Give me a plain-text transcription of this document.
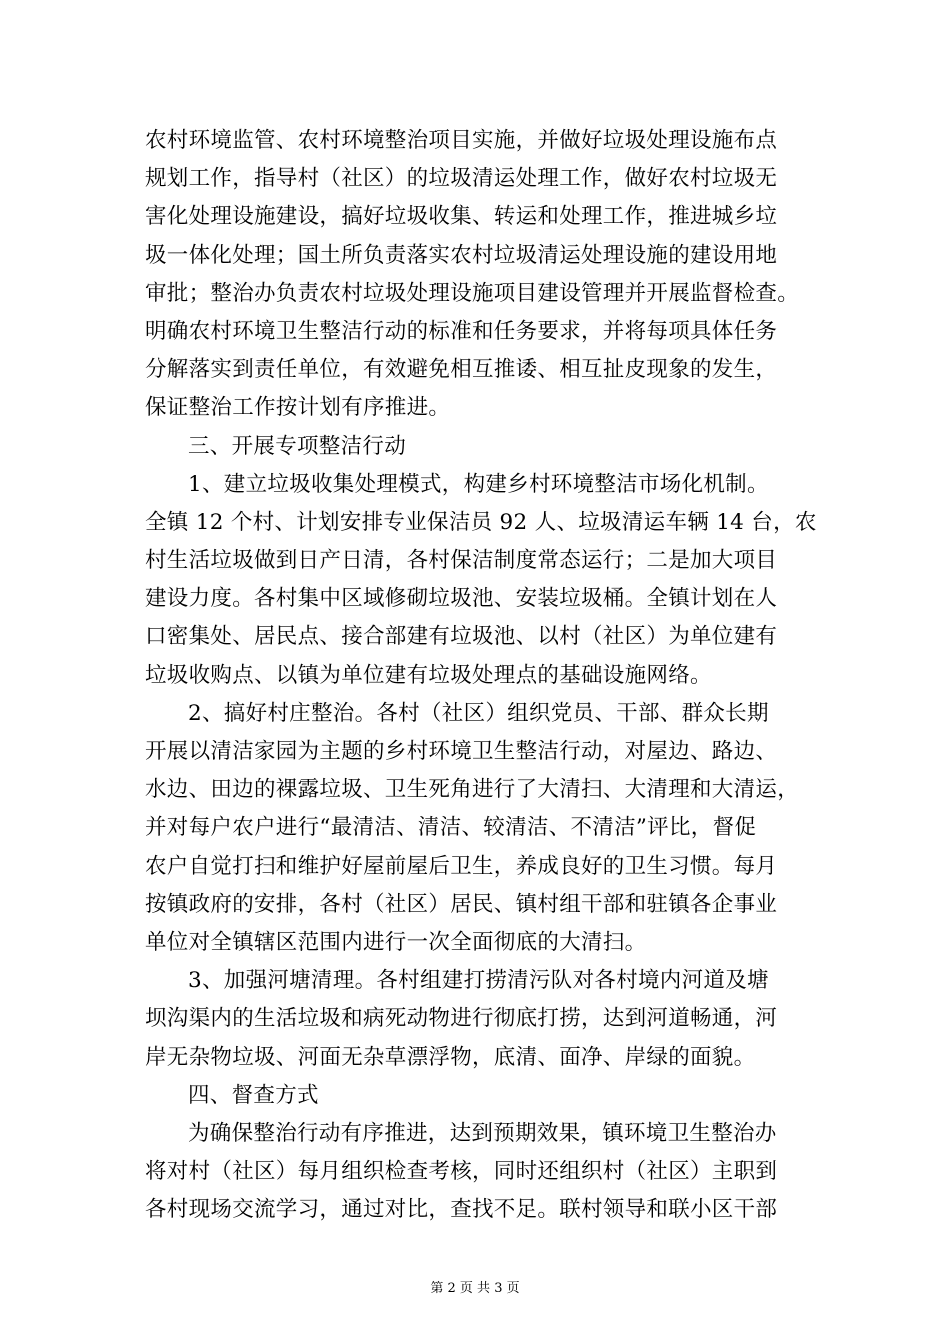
农村环境监管、农村环境整治项目实施，并做好垃圾处理设施布点
规划工作，指导村（社区）的垃圾清运处理工作，做好农村垃圾无
害化处理设施建设，搞好垃圾收集、转运和处理工作，推进城乡垃
圾一体化处理；国土所负责落实农村垃圾清运处理设施的建设用地
审批；整治办负责农村垃圾处理设施项目建设管理并开展监督检查。
明确农村环境卫生整洁行动的标准和任务要求，并将每项具体任务
分解落实到责任单位，有效避免相互推诿、相互扯皮现象的发生，
保证整治工作按计划有序推进。
三、开展专项整洁行动
1、建立垃圾收集处理模式，构建乡村环境整洁市场化机制。
全镇 12 个村、计划安排专业保洁员 92 人、垃圾清运车辆 14 台，农
村生活垃圾做到日产日清，各村保洁制度常态运行；二是加大项目
建设力度。各村集中区域修砌垃圾池、安装垃圾桶。全镇计划在人
口密集处、居民点、接合部建有垃圾池、以村（社区）为单位建有
垃圾收购点、以镇为单位建有垃圾处理点的基础设施网络。
2、搞好村庄整治。各村（社区）组织党员、干部、群众长期
开展以清洁家园为主题的乡村环境卫生整洁行动，对屋边、路边、
水边、田边的裸露垃圾、卫生死角进行了大清扫、大清理和大清运，
并对每户农户进行“最清洁、清洁、较清洁、不清洁”评比，督促
农户自觉打扫和维护好屋前屋后卫生，养成良好的卫生习惯。每月
按镇政府的安排，各村（社区）居民、镇村组干部和驻镇各企事业
单位对全镇辖区范围内进行一次全面彻底的大清扫。
3、加强河塘清理。各村组建打捞清污队对各村境内河道及塘
坝沟渠内的生活垃圾和病死动物进行彻底打捞，达到河道畅通，河
岸无杂物垃圾、河面无杂草漂浮物，底清、面净、岸绿的面貌。
四、督查方式
为确保整治行动有序推进，达到预期效果，镇环境卫生整治办
将对村（社区）每月组织检查考核，同时还组织村（社区）主职到
各村现场交流学习，通过对比，查找不足。联村领导和联小区干部
第 2 页 共 3 页
